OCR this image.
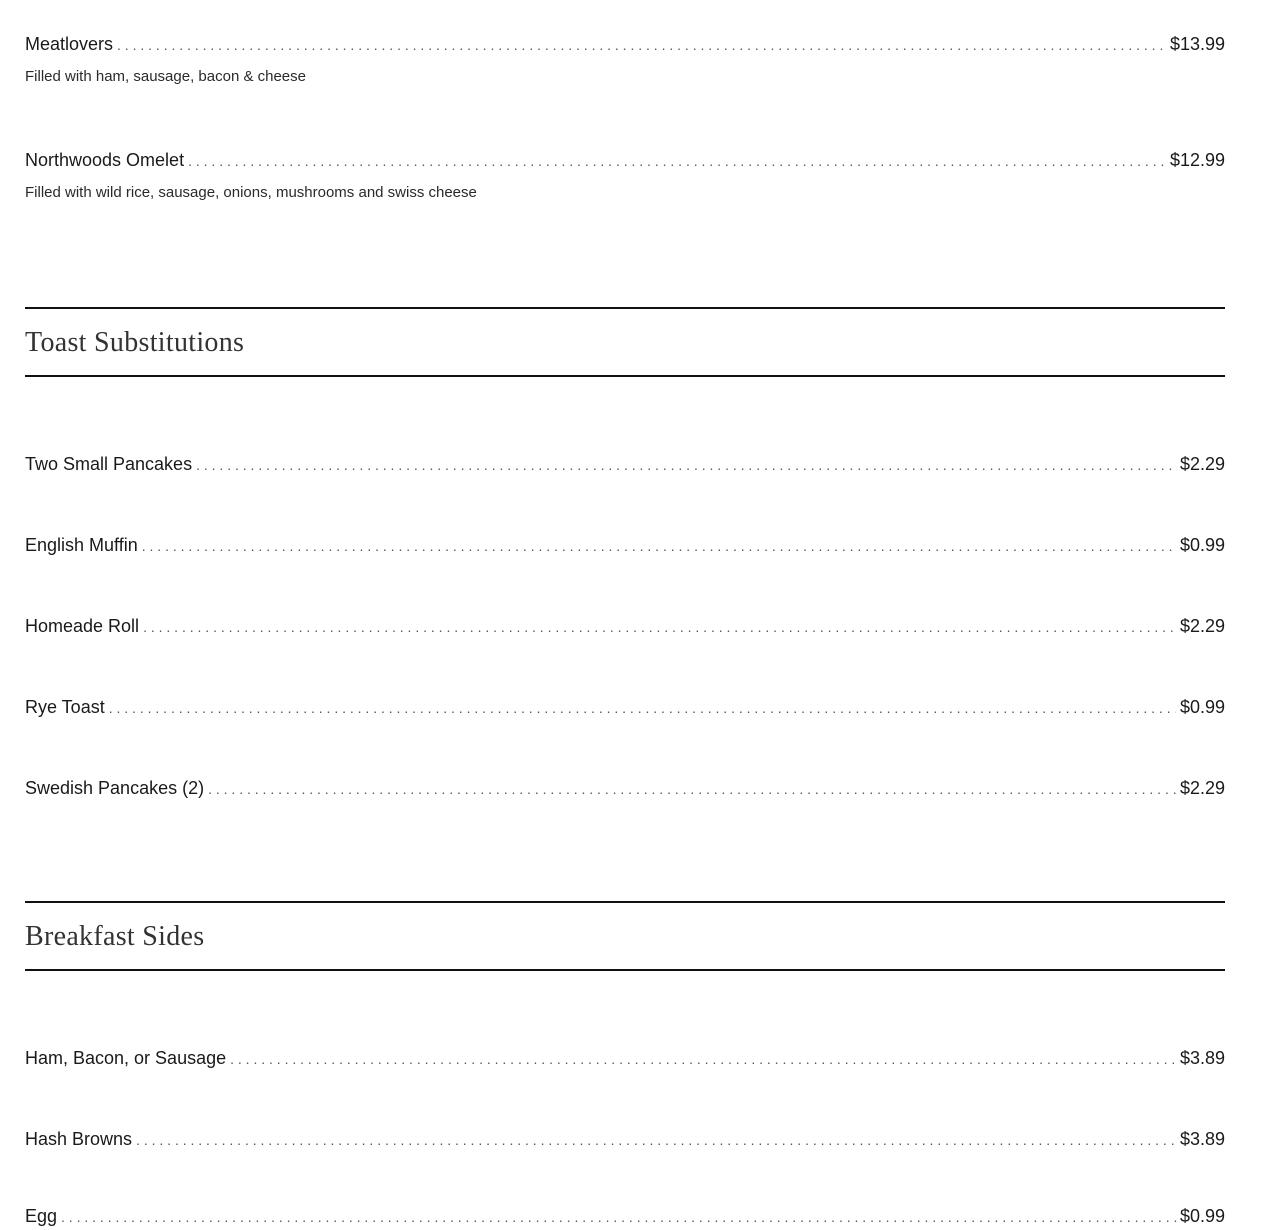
Meatlovers . . .	$13.99
Filled with ham, sausage, bacon & cheese
Northwoods Omelet . . .	$12.99
Filled with wild rice, sausage, onions, mushrooms and swiss cheese
Toast Substitutions
Two Small Pancakes . . .	$2.29
English Muffin . . .	$0.99
Homeade Roll . . .	$2.29
Rye Toast . . .	$0.99
Swedish Pancakes (2) . . .	$2.29
Breakfast Sides
Ham, Bacon, or Sausage . . .	$3.89
Hash Browns . . .	$3.89
Egg . . .	$0.99
